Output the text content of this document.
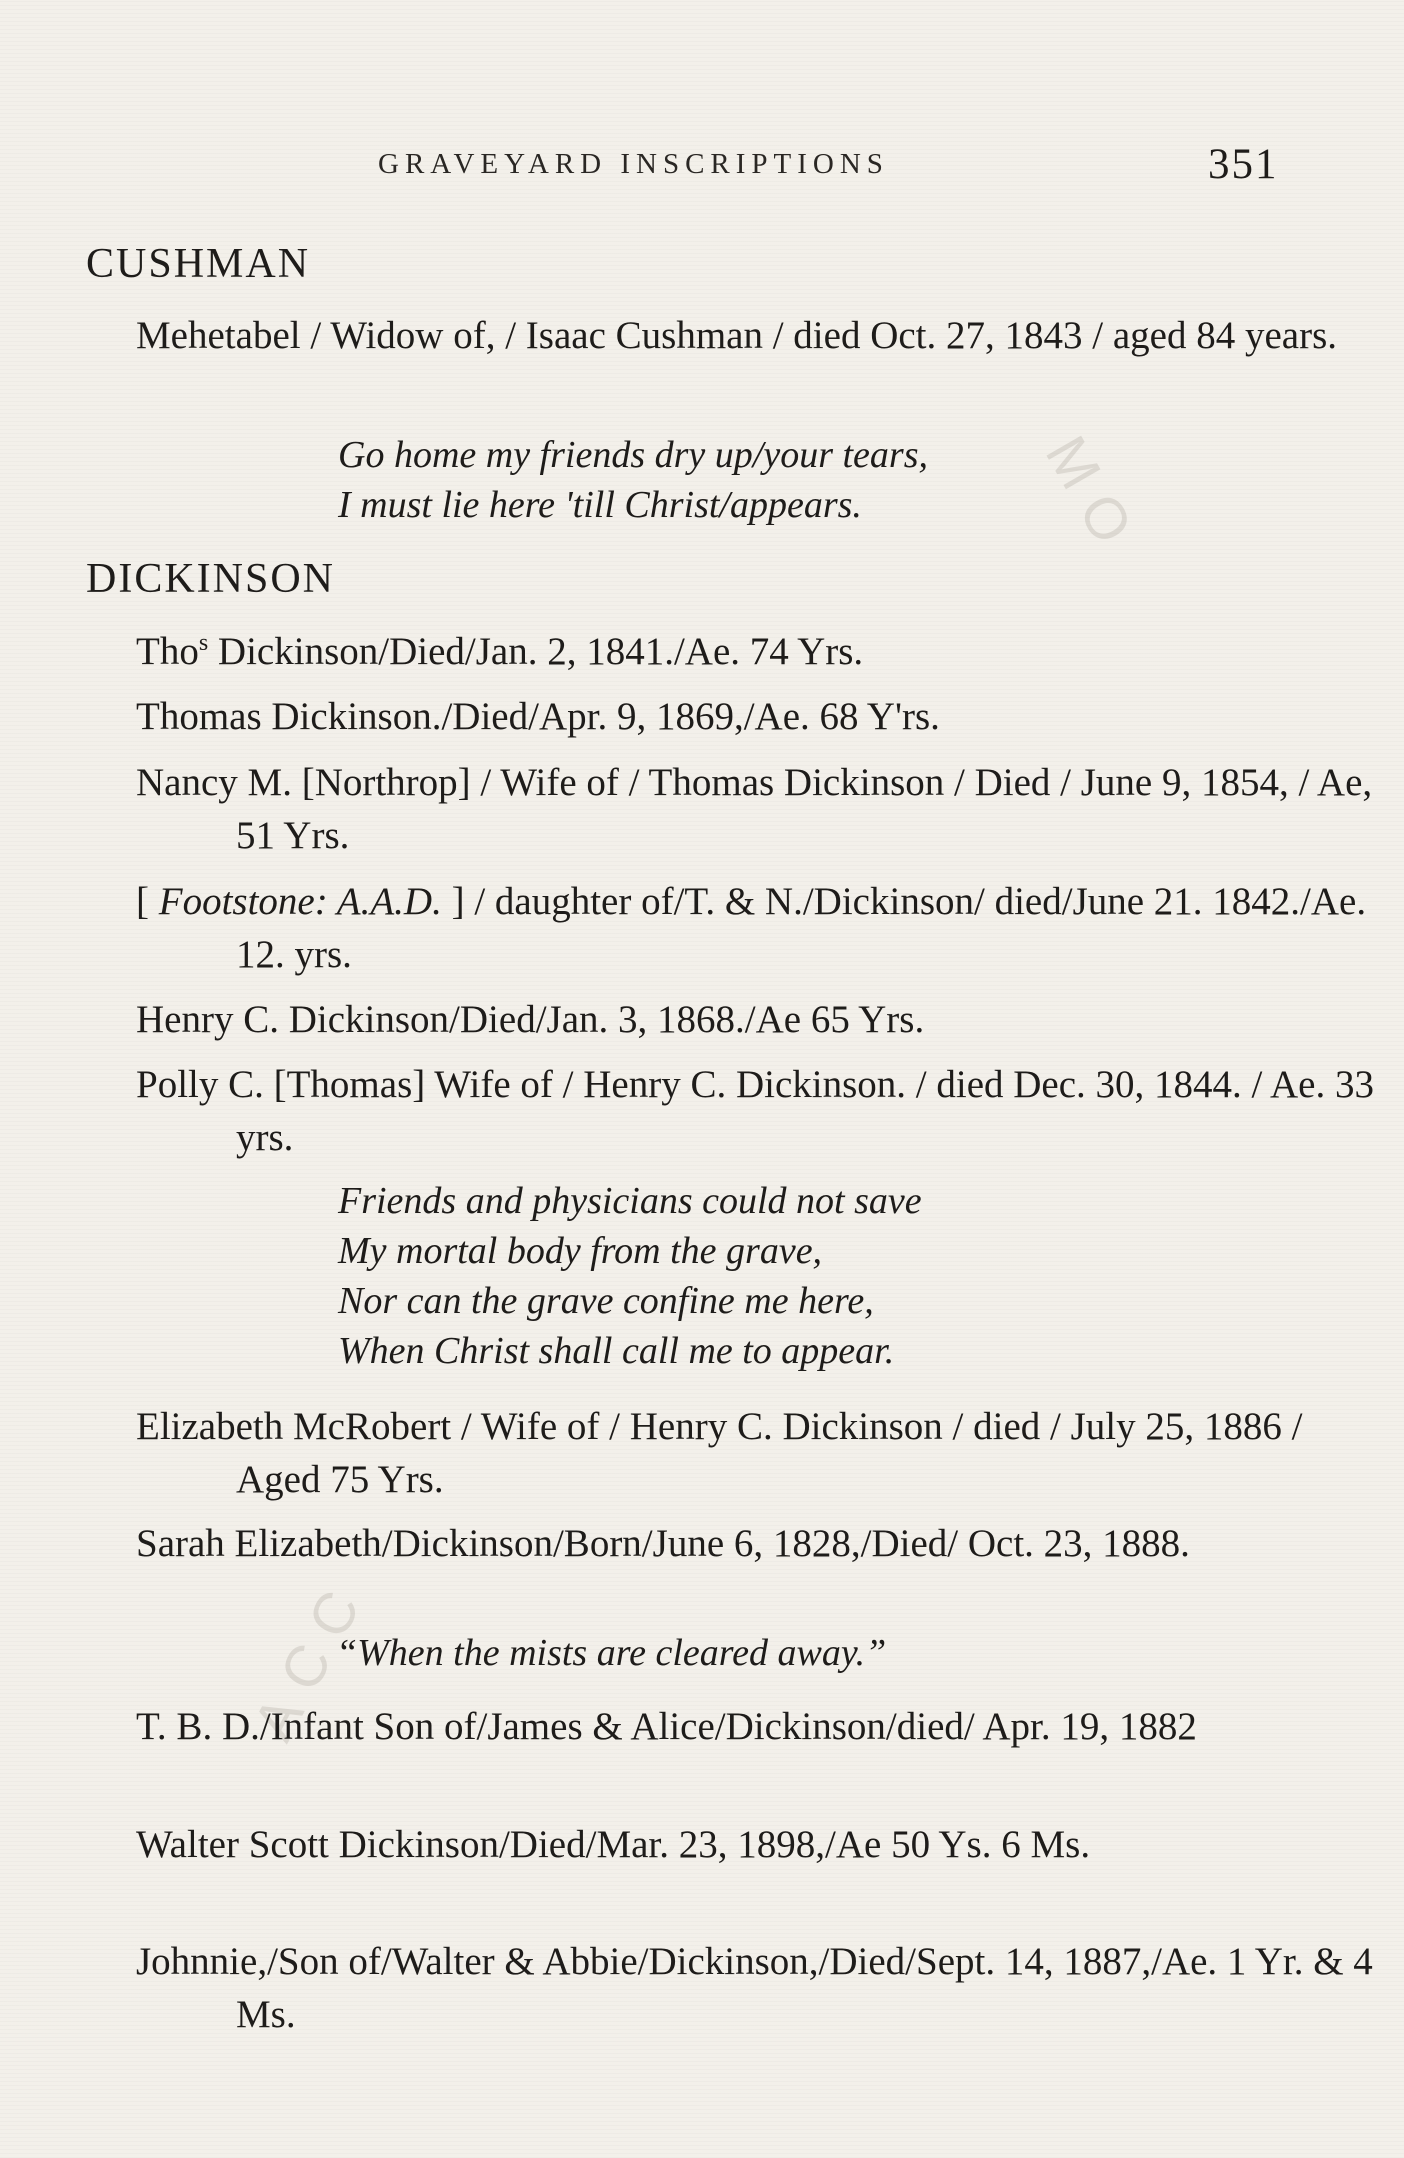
MO
ACC
GRAVEYARD INSCRIPTIONS	351
CUSHMAN
Mehetabel / Widow of, / Isaac Cushman / died Oct. 27, 1843 / aged 84 years.
Go home my friends dry up/your tears,
I must lie here 'till Christ/appears.
DICKINSON
Tho$^s$ Dickinson/Died/Jan. 2, 1841./Ae. 74 Yrs.
Thomas Dickinson./Died/Apr. 9, 1869,/Ae. 68 Y'rs.
Nancy M. [Northrop] / Wife of / Thomas Dickinson / Died / June 9, 1854, / Ae, 51 Yrs.
[ Footstone: A.A.D. ] / daughter of/T. & N./Dickinson/ died/June 21. 1842./Ae. 12. yrs.
Henry C. Dickinson/Died/Jan. 3, 1868./Ae 65 Yrs.
Polly C. [Thomas] Wife of / Henry C. Dickinson. / died Dec. 30, 1844. / Ae. 33 yrs.
Friends and physicians could not save
My mortal body from the grave,
Nor can the grave confine me here,
When Christ shall call me to appear.
Elizabeth McRobert / Wife of / Henry C. Dickinson / died / July 25, 1886 / Aged 75 Yrs.
Sarah Elizabeth/Dickinson/Born/June 6, 1828,/Died/ Oct. 23, 1888.
“When the mists are cleared away.”
T. B. D./Infant Son of/James & Alice/Dickinson/died/ Apr. 19, 1882
Walter Scott Dickinson/Died/Mar. 23, 1898,/Ae 50 Ys. 6 Ms.
Johnnie,/Son of/Walter & Abbie/Dickinson,/Died/Sept. 14, 1887,/Ae. 1 Yr. & 4 Ms.
